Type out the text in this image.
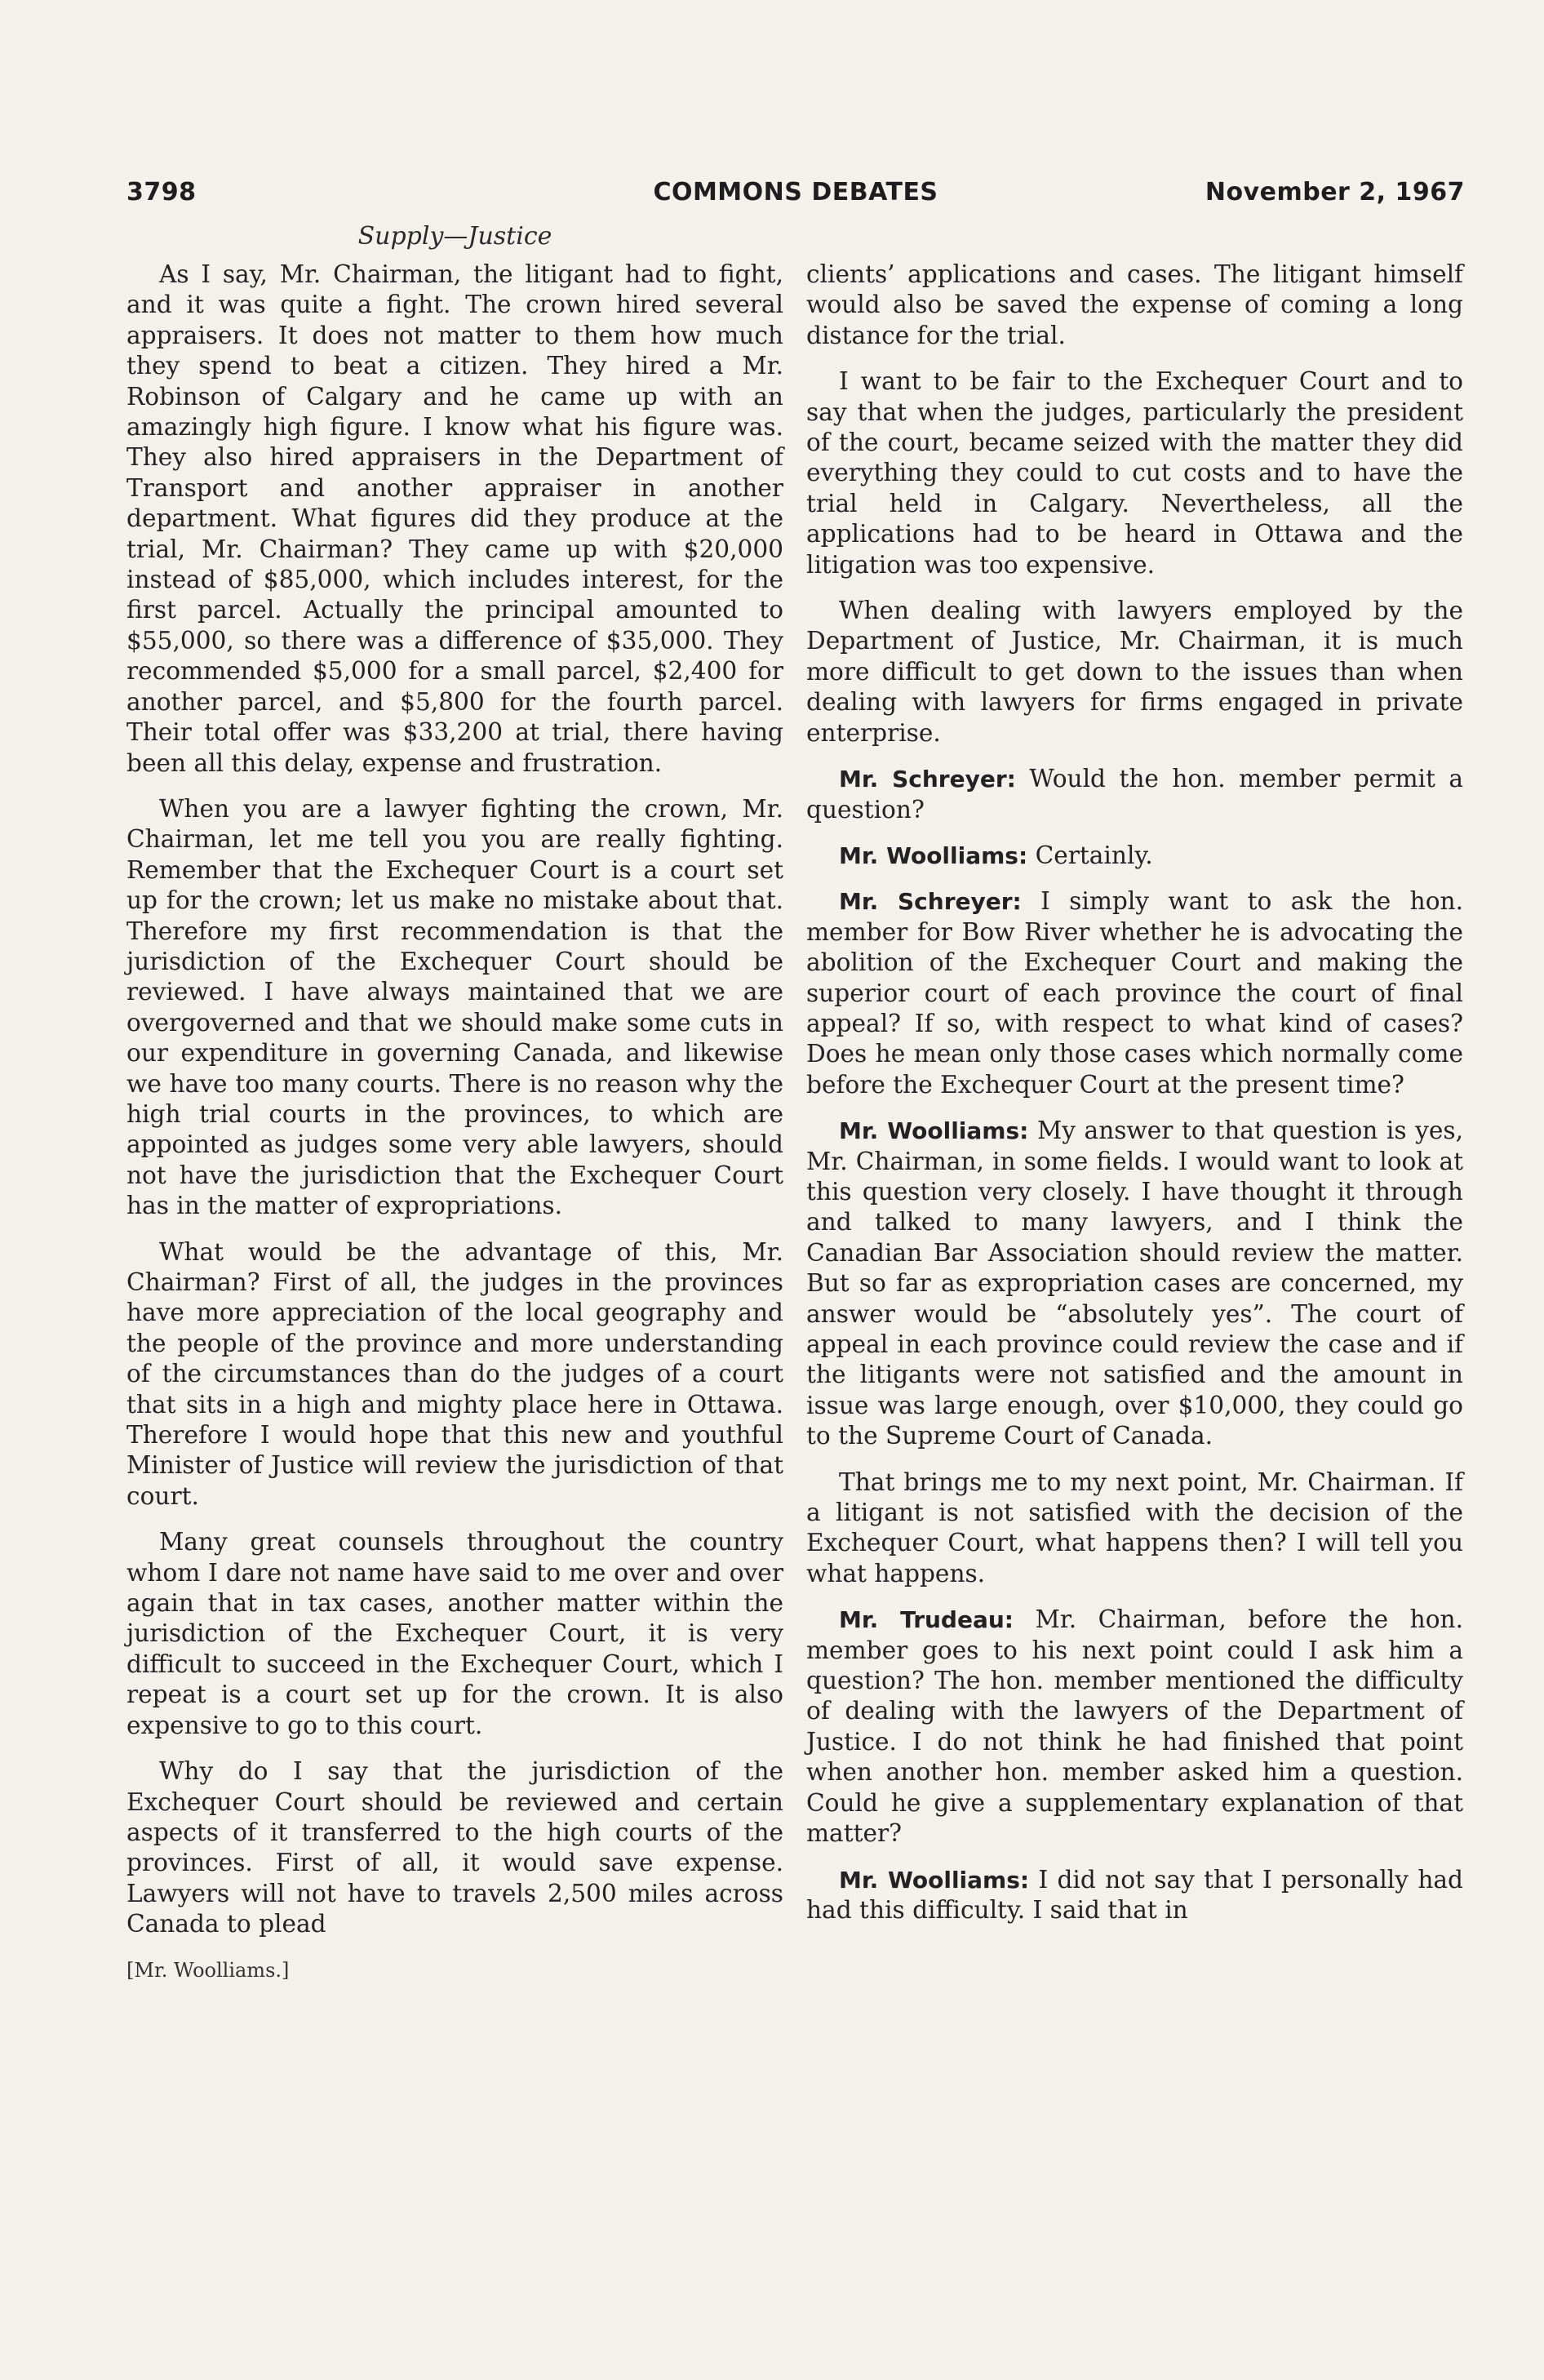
3798	COMMONS DEBATES	November 2, 1967
Supply—Justice

As I say, Mr. Chairman, the litigant had to fight, and it was quite a fight. The crown hired several appraisers. It does not matter to them how much they spend to beat a citizen. They hired a Mr. Robinson of Calgary and he came up with an amazingly high figure. I know what his figure was. They also hired appraisers in the Department of Transport and another appraiser in another department. What figures did they produce at the trial, Mr. Chairman? They came up with $20,000 instead of $85,000, which includes interest, for the first parcel. Actually the principal amounted to $55,000, so there was a difference of $35,000. They recommended $5,000 for a small parcel, $2,400 for another parcel, and $5,800 for the fourth parcel. Their total offer was $33,200 at trial, there having been all this delay, expense and frustration.

When you are a lawyer fighting the crown, Mr. Chairman, let me tell you you are really fighting. Remember that the Exchequer Court is a court set up for the crown; let us make no mistake about that. Therefore my first recommendation is that the jurisdiction of the Exchequer Court should be reviewed. I have always maintained that we are overgoverned and that we should make some cuts in our expenditure in governing Canada, and likewise we have too many courts. There is no reason why the high trial courts in the provinces, to which are appointed as judges some very able lawyers, should not have the jurisdiction that the Exchequer Court has in the matter of expropriations.

What would be the advantage of this, Mr. Chairman? First of all, the judges in the provinces have more appreciation of the local geography and the people of the province and more understanding of the circumstances than do the judges of a court that sits in a high and mighty place here in Ottawa. Therefore I would hope that this new and youthful Minister of Justice will review the jurisdiction of that court.

Many great counsels throughout the country whom I dare not name have said to me over and over again that in tax cases, another matter within the jurisdiction of the Exchequer Court, it is very difficult to succeed in the Exchequer Court, which I repeat is a court set up for the crown. It is also expensive to go to this court.

Why do I say that the jurisdiction of the Exchequer Court should be reviewed and certain aspects of it transferred to the high courts of the provinces. First of all, it would save expense. Lawyers will not have to travels 2,500 miles across Canada to plead

[Mr. Woolliams.]

clients’ applications and cases. The litigant himself would also be saved the expense of coming a long distance for the trial.

I want to be fair to the Exchequer Court and to say that when the judges, particularly the president of the court, became seized with the matter they did everything they could to cut costs and to have the trial held in Calgary. Nevertheless, all the applications had to be heard in Ottawa and the litigation was too expensive.

When dealing with lawyers employed by the Department of Justice, Mr. Chairman, it is much more difficult to get down to the issues than when dealing with lawyers for firms engaged in private enterprise.

Mr. Schreyer: Would the hon. member permit a question?

Mr. Woolliams: Certainly.

Mr. Schreyer: I simply want to ask the hon. member for Bow River whether he is advocating the abolition of the Exchequer Court and making the superior court of each province the court of final appeal? If so, with respect to what kind of cases? Does he mean only those cases which normally come before the Exchequer Court at the present time?

Mr. Woolliams: My answer to that question is yes, Mr. Chairman, in some fields. I would want to look at this question very closely. I have thought it through and talked to many lawyers, and I think the Canadian Bar Association should review the matter. But so far as expropriation cases are concerned, my answer would be “absolutely yes”. The court of appeal in each province could review the case and if the litigants were not satisfied and the amount in issue was large enough, over $10,000, they could go to the Supreme Court of Canada.

That brings me to my next point, Mr. Chairman. If a litigant is not satisfied with the decision of the Exchequer Court, what happens then? I will tell you what happens.

Mr. Trudeau: Mr. Chairman, before the hon. member goes to his next point could I ask him a question? The hon. member mentioned the difficulty of dealing with the lawyers of the Department of Justice. I do not think he had finished that point when another hon. member asked him a question. Could he give a supplementary explanation of that matter?

Mr. Woolliams: I did not say that I personally had had this difficulty. I said that in
